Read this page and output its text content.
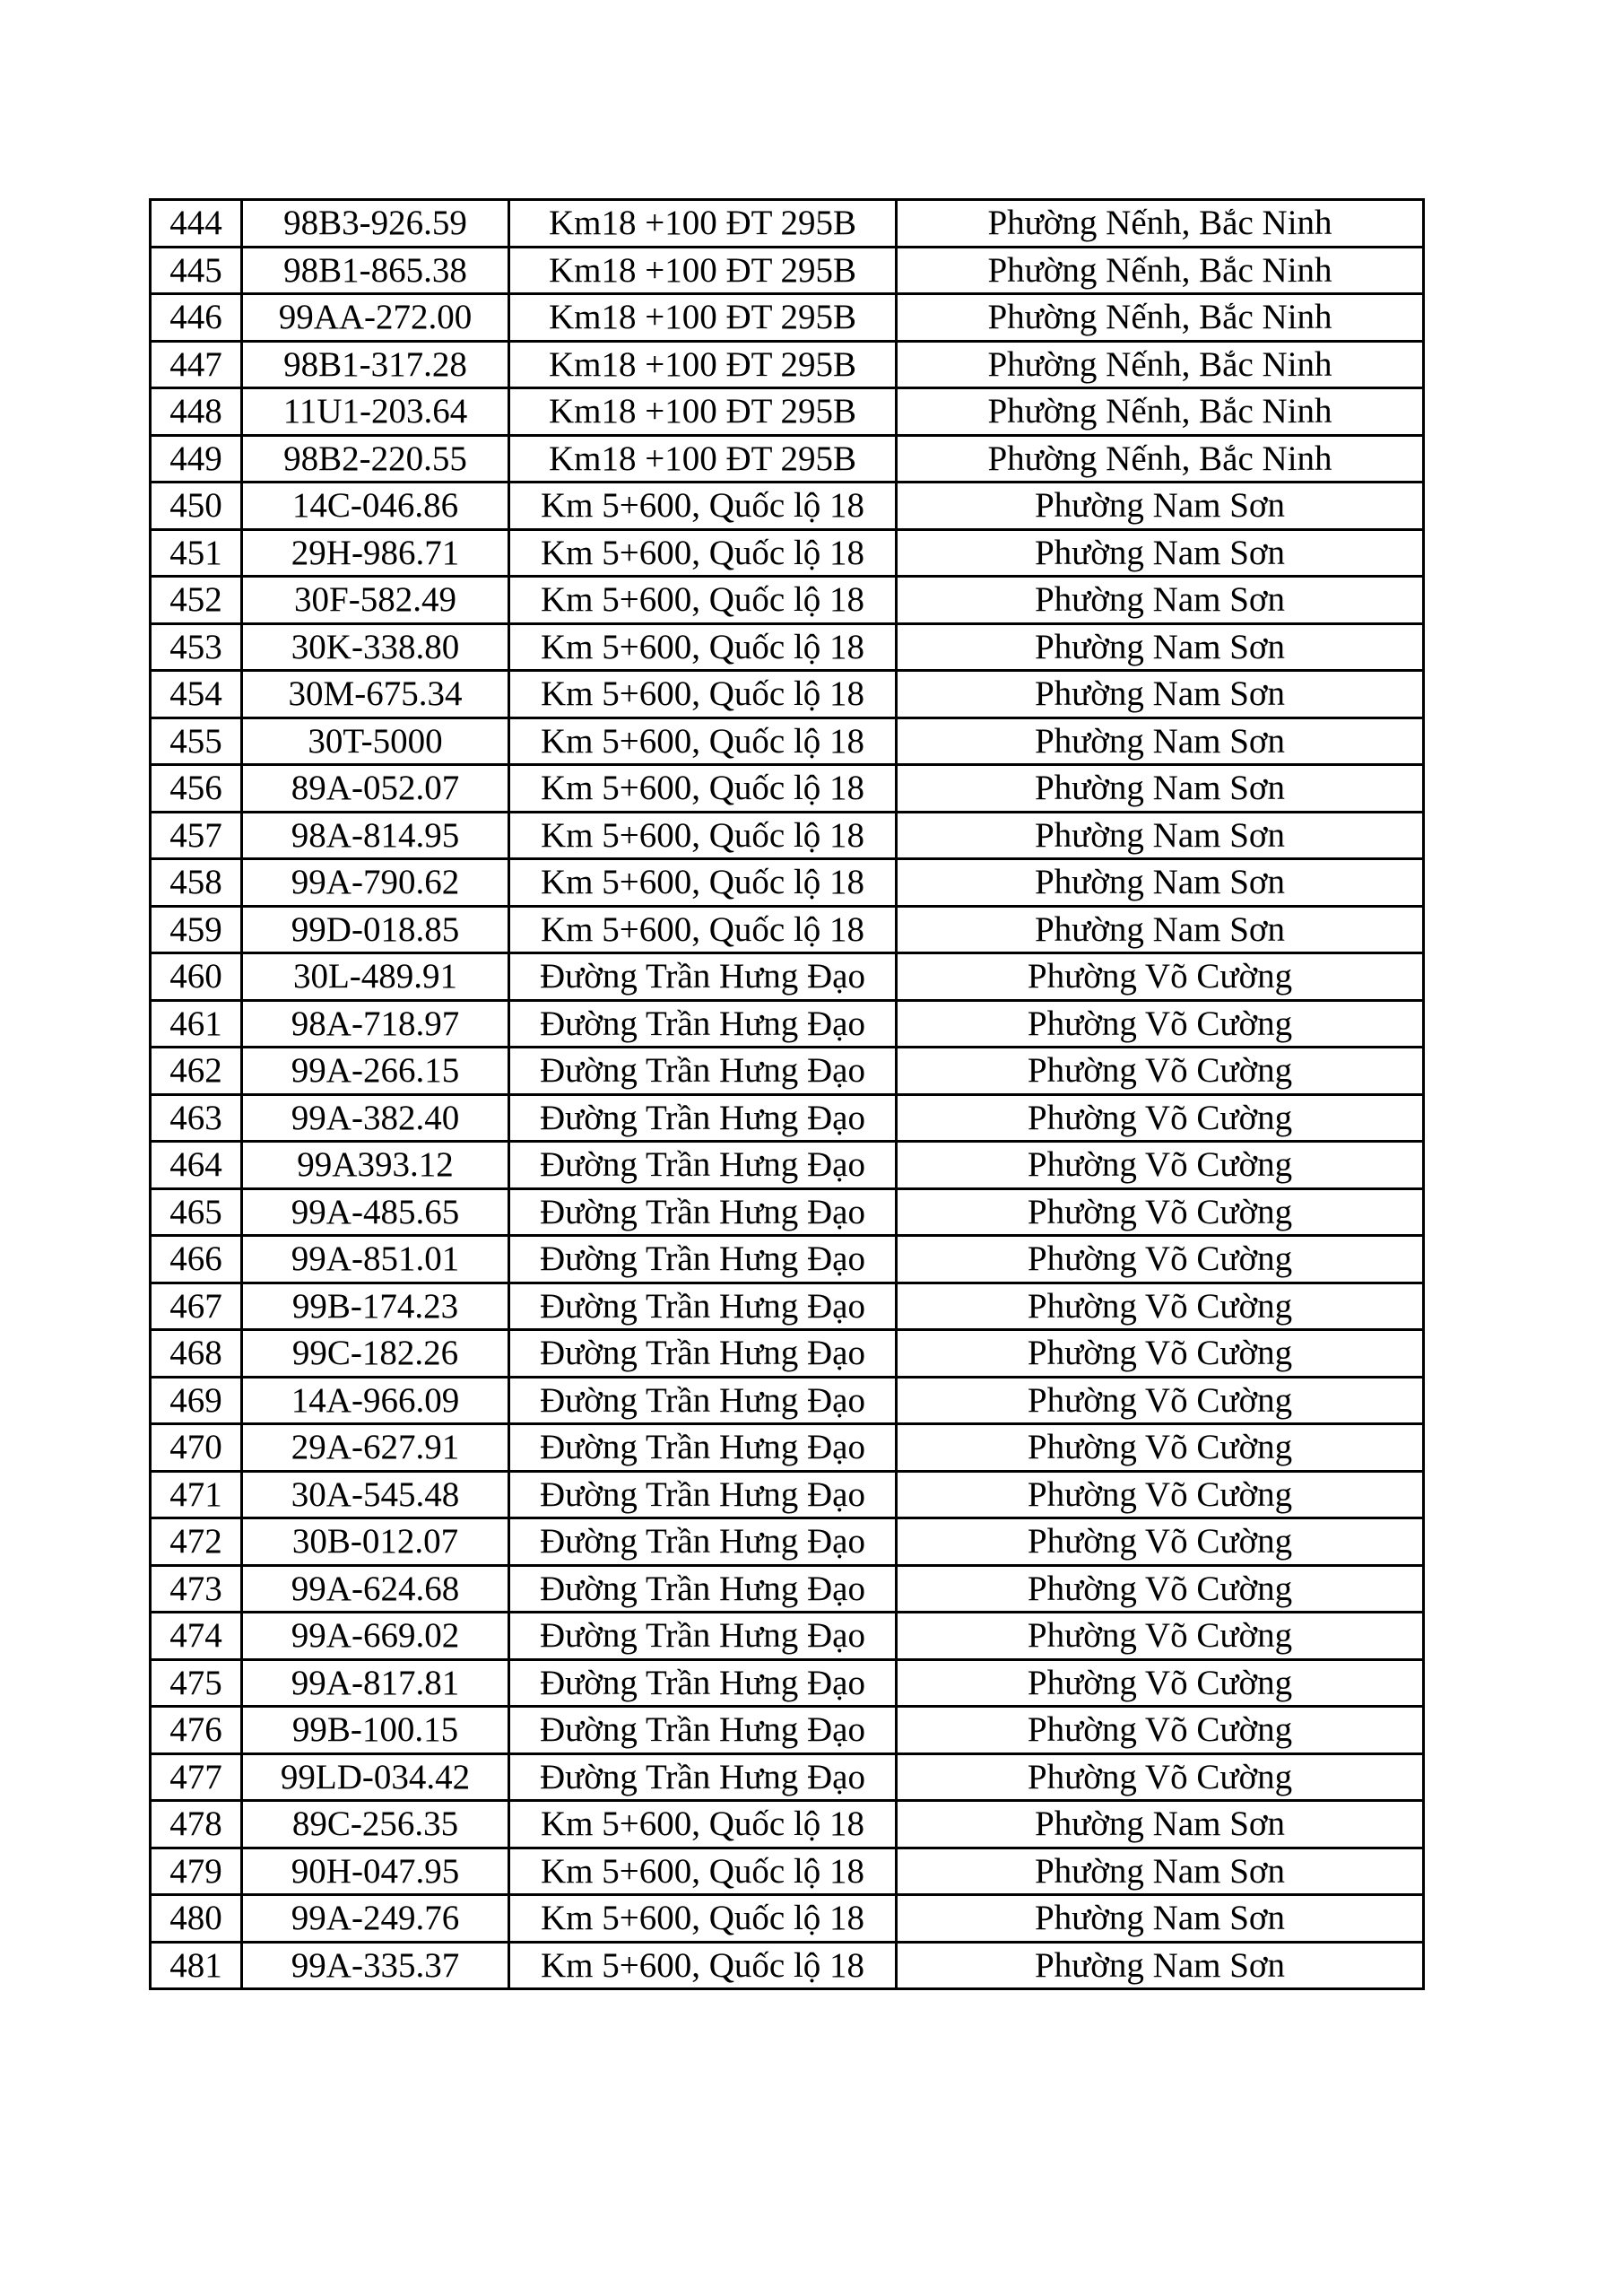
444	98B3-926.59	Km18 +100 ĐT 295B	Phường Nếnh, Bắc Ninh
445	98B1-865.38	Km18 +100 ĐT 295B	Phường Nếnh, Bắc Ninh
446	99AA-272.00	Km18 +100 ĐT 295B	Phường Nếnh, Bắc Ninh
447	98B1-317.28	Km18 +100 ĐT 295B	Phường Nếnh, Bắc Ninh
448	11U1-203.64	Km18 +100 ĐT 295B	Phường Nếnh, Bắc Ninh
449	98B2-220.55	Km18 +100 ĐT 295B	Phường Nếnh, Bắc Ninh
450	14C-046.86	Km 5+600, Quốc lộ 18	Phường Nam Sơn
451	29H-986.71	Km 5+600, Quốc lộ 18	Phường Nam Sơn
452	30F-582.49	Km 5+600, Quốc lộ 18	Phường Nam Sơn
453	30K-338.80	Km 5+600, Quốc lộ 18	Phường Nam Sơn
454	30M-675.34	Km 5+600, Quốc lộ 18	Phường Nam Sơn
455	30T-5000	Km 5+600, Quốc lộ 18	Phường Nam Sơn
456	89A-052.07	Km 5+600, Quốc lộ 18	Phường Nam Sơn
457	98A-814.95	Km 5+600, Quốc lộ 18	Phường Nam Sơn
458	99A-790.62	Km 5+600, Quốc lộ 18	Phường Nam Sơn
459	99D-018.85	Km 5+600, Quốc lộ 18	Phường Nam Sơn
460	30L-489.91	Đường Trần Hưng Đạo	Phường Võ Cường
461	98A-718.97	Đường Trần Hưng Đạo	Phường Võ Cường
462	99A-266.15	Đường Trần Hưng Đạo	Phường Võ Cường
463	99A-382.40	Đường Trần Hưng Đạo	Phường Võ Cường
464	99A393.12	Đường Trần Hưng Đạo	Phường Võ Cường
465	99A-485.65	Đường Trần Hưng Đạo	Phường Võ Cường
466	99A-851.01	Đường Trần Hưng Đạo	Phường Võ Cường
467	99B-174.23	Đường Trần Hưng Đạo	Phường Võ Cường
468	99C-182.26	Đường Trần Hưng Đạo	Phường Võ Cường
469	14A-966.09	Đường Trần Hưng Đạo	Phường Võ Cường
470	29A-627.91	Đường Trần Hưng Đạo	Phường Võ Cường
471	30A-545.48	Đường Trần Hưng Đạo	Phường Võ Cường
472	30B-012.07	Đường Trần Hưng Đạo	Phường Võ Cường
473	99A-624.68	Đường Trần Hưng Đạo	Phường Võ Cường
474	99A-669.02	Đường Trần Hưng Đạo	Phường Võ Cường
475	99A-817.81	Đường Trần Hưng Đạo	Phường Võ Cường
476	99B-100.15	Đường Trần Hưng Đạo	Phường Võ Cường
477	99LD-034.42	Đường Trần Hưng Đạo	Phường Võ Cường
478	89C-256.35	Km 5+600, Quốc lộ 18	Phường Nam Sơn
479	90H-047.95	Km 5+600, Quốc lộ 18	Phường Nam Sơn
480	99A-249.76	Km 5+600, Quốc lộ 18	Phường Nam Sơn
481	99A-335.37	Km 5+600, Quốc lộ 18	Phường Nam Sơn
